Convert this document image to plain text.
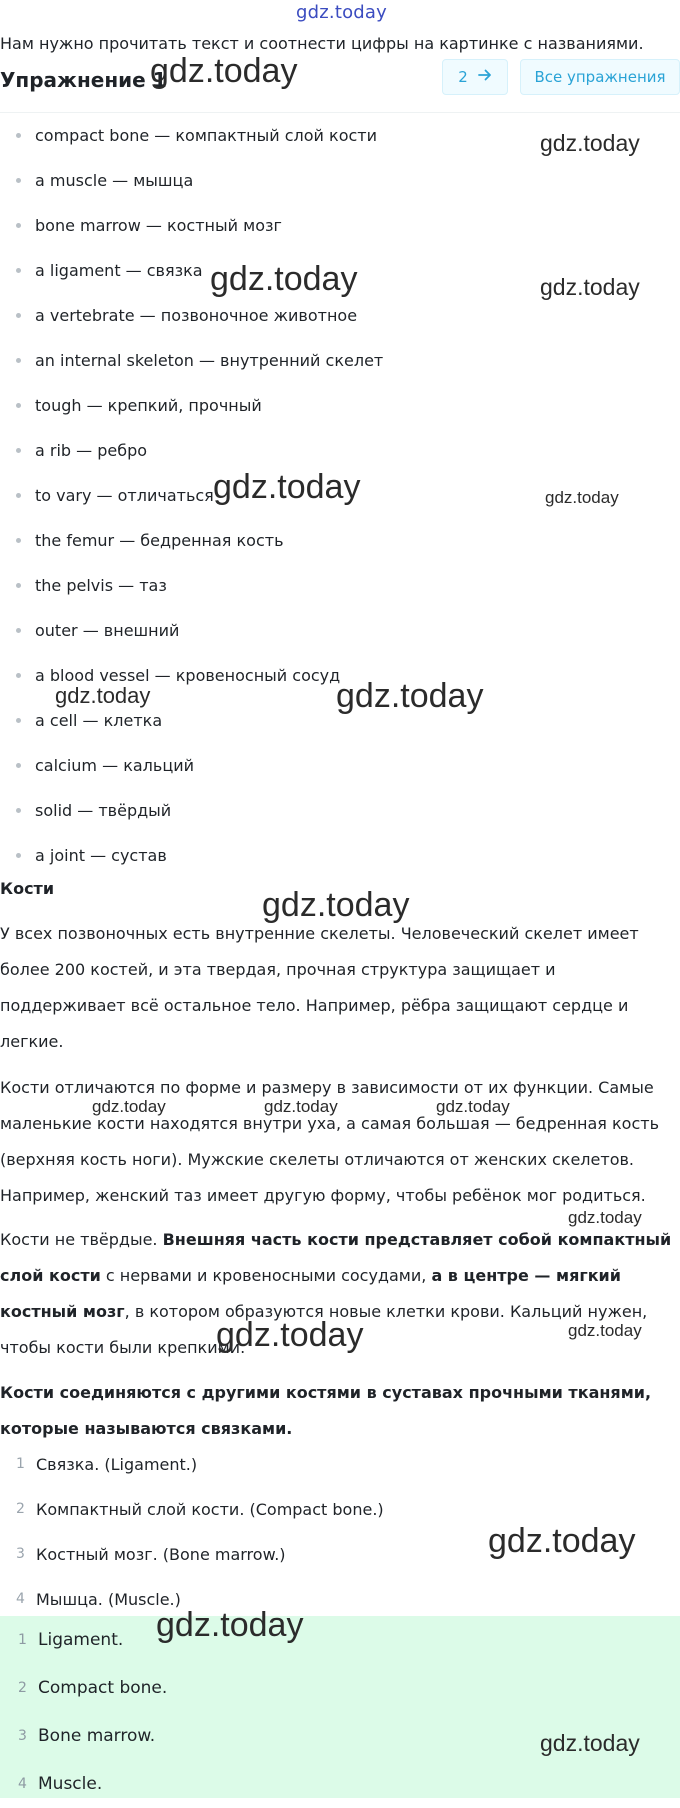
gdz.today
Нам нужно прочитать текст и соотнести цифры на картинке с названиями.
Упражнение 1	2	Все упражнения
compact bone — компактный слой кости
a muscle — мышца
bone marrow — костный мозг
a ligament — связка
a vertebrate — позвоночное животное
an internal skeleton — внутренний скелет
tough — крепкий, прочный
a rib — ребро
to vary — отличаться
the femur — бедренная кость
the pelvis — таз
outer — внешний
a blood vessel — кровеносный сосуд
a cell — клетка
calcium — кальций
solid — твёрдый
a joint — сустав
Кости
У всех позвоночных есть внутренние скелеты. Человеческий скелет имеет более 200 костей, и эта твердая, прочная структура защищает и поддерживает всё остальное тело. Например, рёбра защищают сердце и легкие.
Кости отличаются по форме и размеру в зависимости от их функции. Самые маленькие кости находятся внутри уха, а самая большая — бедренная кость (верхняя кость ноги). Мужские скелеты отличаются от женских скелетов. Например, женский таз имеет другую форму, чтобы ребёнок мог родиться.
Кости не твёрдые. Внешняя часть кости представляет собой компактный слой кости с нервами и кровеносными сосудами, а в центре — мягкий костный мозг, в котором образуются новые клетки крови. Кальций нужен, чтобы кости были крепкими.
Кости соединяются с другими костями в суставах прочными тканями, которые называются связками.
1 Связка. (Ligament.)
2 Компактный слой кости. (Compact bone.)
3 Костный мозг. (Bone marrow.)
4 Мышца. (Muscle.)
1 Ligament.
2 Compact bone.
3 Bone marrow.
4 Muscle.
gdz.today
gdz.today
gdz.today	gdz.today
gdz.today	gdz.today
gdz.today	gdz.today
gdz.today
gdz.today	gdz.today	gdz.today
gdz.today
gdz.today	gdz.today
gdz.today
gdz.today
gdz.today
